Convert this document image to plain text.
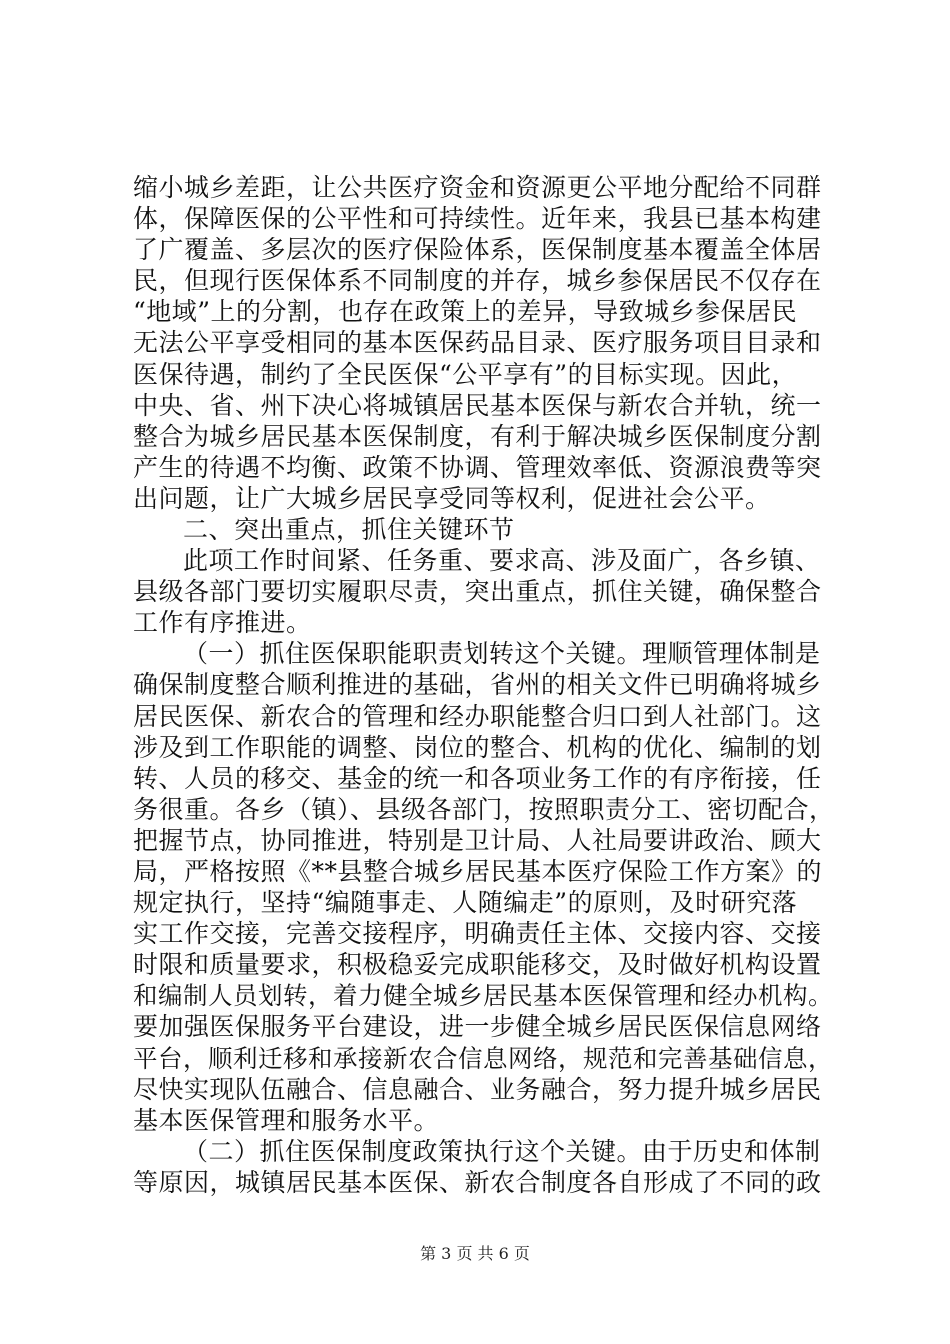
缩小城乡差距，让公共医疗资金和资源更公平地分配给不同群
体，保障医保的公平性和可持续性。近年来，我县已基本构建
了广覆盖、多层次的医疗保险体系，医保制度基本覆盖全体居
民，但现行医保体系不同制度的并存，城乡参保居民不仅存在
“地域”上的分割，也存在政策上的差异，导致城乡参保居民
无法公平享受相同的基本医保药品目录、医疗服务项目目录和
医保待遇，制约了全民医保“公平享有”的目标实现。因此，
中央、省、州下决心将城镇居民基本医保与新农合并轨，统一
整合为城乡居民基本医保制度，有利于解决城乡医保制度分割
产生的待遇不均衡、政策不协调、管理效率低、资源浪费等突
出问题，让广大城乡居民享受同等权利，促进社会公平。
二、突出重点，抓住关键环节
此项工作时间紧、任务重、要求高、涉及面广，各乡镇、
县级各部门要切实履职尽责，突出重点，抓住关键，确保整合
工作有序推进。
（一）抓住医保职能职责划转这个关键。理顺管理体制是
确保制度整合顺利推进的基础，省州的相关文件已明确将城乡
居民医保、新农合的管理和经办职能整合归口到人社部门。这
涉及到工作职能的调整、岗位的整合、机构的优化、编制的划
转、人员的移交、基金的统一和各项业务工作的有序衔接，任
务很重。各乡（镇）、县级各部门，按照职责分工、密切配合，
把握节点，协同推进，特别是卫计局、人社局要讲政治、顾大
局，严格按照《**县整合城乡居民基本医疗保险工作方案》的
规定执行，坚持“编随事走、人随编走”的原则，及时研究落
实工作交接，完善交接程序，明确责任主体、交接内容、交接
时限和质量要求，积极稳妥完成职能移交，及时做好机构设置
和编制人员划转，着力健全城乡居民基本医保管理和经办机构。
要加强医保服务平台建设，进一步健全城乡居民医保信息网络
平台，顺利迁移和承接新农合信息网络，规范和完善基础信息，
尽快实现队伍融合、信息融合、业务融合，努力提升城乡居民
基本医保管理和服务水平。
（二）抓住医保制度政策执行这个关键。由于历史和体制
等原因，城镇居民基本医保、新农合制度各自形成了不同的政
第 3 页 共 6 页
